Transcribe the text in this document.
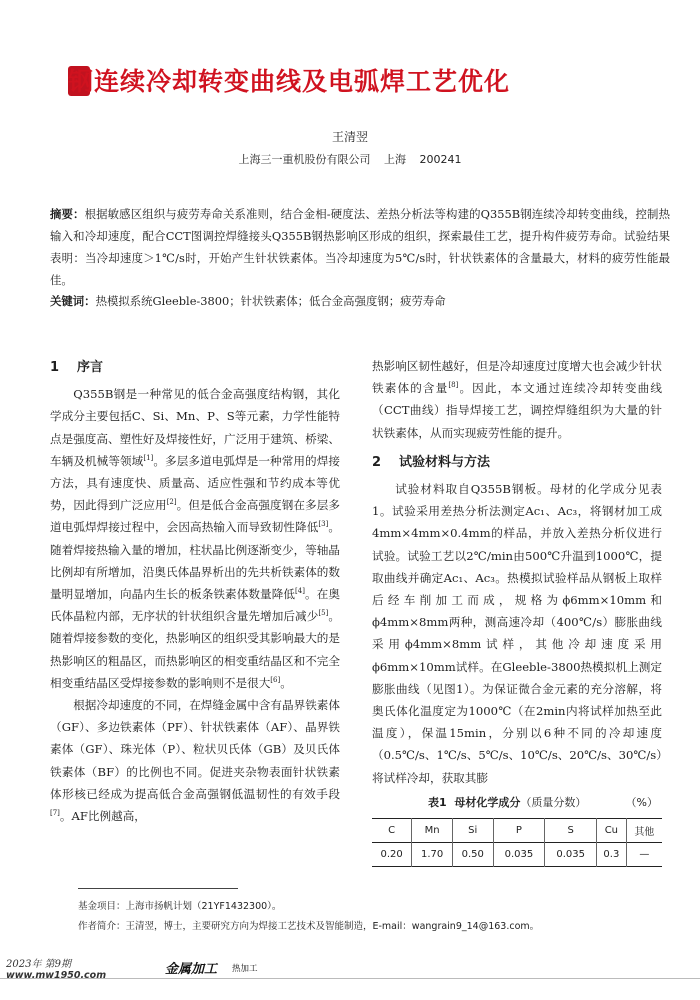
钢连续冷却转变曲线及电弧焊工艺优化
王清翌
上海三一重机股份有限公司 上海 200241
摘要：根据敏感区组织与疲劳寿命关系准则，结合金相-硬度法、差热分析法等构建的Q355B钢连续冷却转变曲线，控制热输入和冷却速度，配合CCT图调控焊缝接头Q355B钢热影响区形成的组织，探索最佳工艺，提升构件疲劳寿命。试验结果表明：当冷却速度＞1℃/s时，开始产生针状铁素体。当冷却速度为5℃/s时，针状铁素体的含量最大，材料的疲劳性能最佳。
关键词：热模拟系统Gleeble-3800；针状铁素体；低合金高强度钢；疲劳寿命
1 序言

Q355B钢是一种常见的低合金高强度结构钢，其化学成分主要包括C、Si、Mn、P、S等元素，力学性能特点是强度高、塑性好及焊接性好，广泛用于建筑、桥梁、车辆及机械等领域[1]。多层多道电弧焊是一种常用的焊接方法，具有速度快、质量高、适应性强和节约成本等优势，因此得到广泛应用[2]。但是低合金高强度钢在多层多道电弧焊焊接过程中，会因高热输入而导致韧性降低[3]。随着焊接热输入量的增加，柱状晶比例逐渐变少，等轴晶比例却有所增加，沿奥氏体晶界析出的先共析铁素体的数量明显增加，向晶内生长的板条铁素体数量降低[4]。在奥氏体晶粒内部，无序状的针状组织含量先增加后减少[5]。随着焊接参数的变化，热影响区的组织受其影响最大的是热影响区的粗晶区，而热影响区的相变重结晶区和不完全相变重结晶区受焊接参数的影响则不是很大[6]。

根据冷却速度的不同，在焊缝金属中含有晶界铁素体（GF）、多边铁素体（PF）、针状铁素体（AF）、晶界铁素体（GF）、珠光体（P）、粒状贝氏体（GB）及贝氏体铁素体（BF）的比例也不同。促进夹杂物表面针状铁素体形核已经成为提高低合金高强钢低温韧性的有效手段[7]。AF比例越高，

热影响区韧性越好，但是冷却速度过度增大也会减少针状铁素体的含量[8]。因此，本文通过连续冷却转变曲线（CCT曲线）指导焊接工艺，调控焊缝组织为大量的针状铁素体，从而实现疲劳性能的提升。

2 试验材料与方法

试验材料取自Q355B钢板。母材的化学成分见表1。试验采用差热分析法测定Ac₁、Ac₃，将钢材加工成4mm×4mm×0.4mm的样品，并放入差热分析仪进行试验。试验工艺以2℃/min由500℃升温到1000℃，提取曲线并确定Ac₁、Ac₃。热模拟试验样品从钢板上取样后经车削加工而成，规格为ϕ6mm×10mm和ϕ4mm×8mm两种，测高速冷却（400℃/s）膨胀曲线采用ϕ4mm×8mm试样，其他冷却速度采用ϕ6mm×10mm试样。在Gleeble-3800热模拟机上测定膨胀曲线（见图1）。为保证微合金元素的充分溶解，将奥氏体化温度定为1000℃（在2min内将试样加热至此温度），保温15min，分别以6种不同的冷却速度（0.5℃/s、1℃/s、5℃/s、10℃/s、20℃/s、30℃/s）将试样冷却，获取其膨

表1 母材化学成分（质量分数）	（%）
C	Mn	Si	P	S	Cu	其他
0.20	1.70	0.50	0.035	0.035	0.3	—
基金项目：上海市扬帆计划（21YF1432300）。
作者简介：王清翌，博士，主要研究方向为焊接工艺技术及智能制造，E-mail：wangrain9_14@163.com。
2023年 第9期
www.mw1950.com	金属加工 热加工
